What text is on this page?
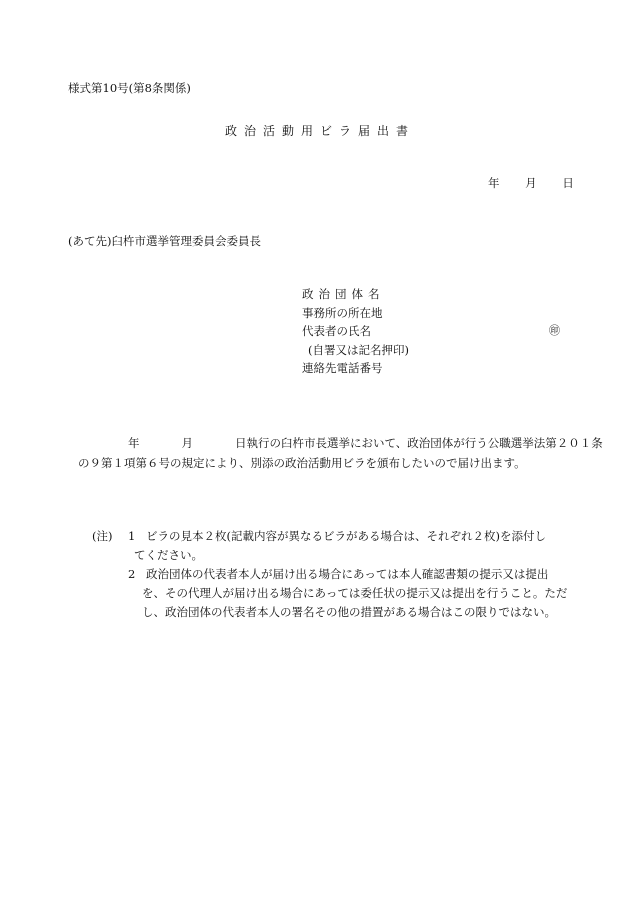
様式第10号(第8条関係)
政治活動用ビラ届出書
年 月 日
(あて先)臼杵市選挙管理委員会委員長
政治団体名
事務所の所在地
代表者の氏名
(自署又は記名押印)
連絡先電話番号
㊞
年	月	日執行の臼杵市長選挙において、政治団体が行う公職選挙法第２０１条
の９第１項第６号の規定により、別添の政治活動用ビラを頒布したいので届け出ます。
(注) 1 ビラの見本２枚(記載内容が異なるビラがある場合は、それぞれ２枚)を添付し
てください。
2 政治団体の代表者本人が届け出る場合にあっては本人確認書類の提示又は提出
を、その代理人が届け出る場合にあっては委任状の提示又は提出を行うこと。ただ
し、政治団体の代表者本人の署名その他の措置がある場合はこの限りではない。
